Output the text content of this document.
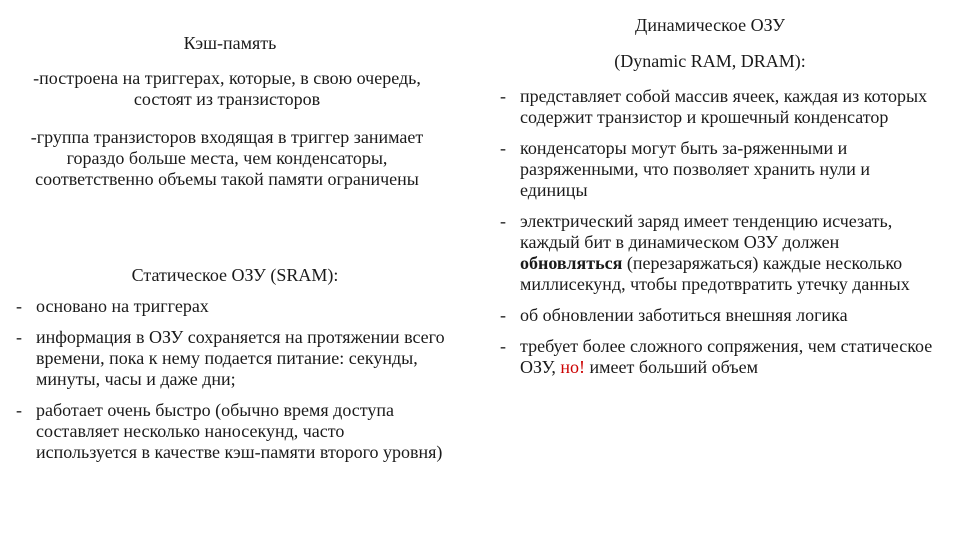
Кэш-память
-построена на триггерах, которые, в свою очередь, состоят из транзисторов
-группа транзисторов входящая в триггер занимает гораздо больше места, чем конденсаторы, соответственно объемы такой памяти ограничены
Статическое ОЗУ (SRAM):
- основано на триггерах
- информация в ОЗУ сохраняется на протяжении всего времени, пока к нему подается питание: секунды, минуты, часы и даже дни;
- работает очень быстро (обычно время доступа составляет несколько наносекунд, часто используется в качестве кэш-памяти второго уровня)
Динамическое ОЗУ
(Dynamic RAM, DRAM):
- представляет собой массив ячеек, каждая из которых содержит транзистор и крошечный конденсатор
- конденсаторы могут быть за-ряженными и разряженными, что позволяет хранить нули и единицы
- электрический заряд имеет тенденцию исчезать, каждый бит в динамическом ОЗУ должен обновляться (перезаряжаться) каждые несколько миллисекунд, чтобы предотвратить утечку данных
- об обновлении заботиться внешняя логика
- требует более сложного сопряжения, чем статическое ОЗУ, но! имеет больший объем
